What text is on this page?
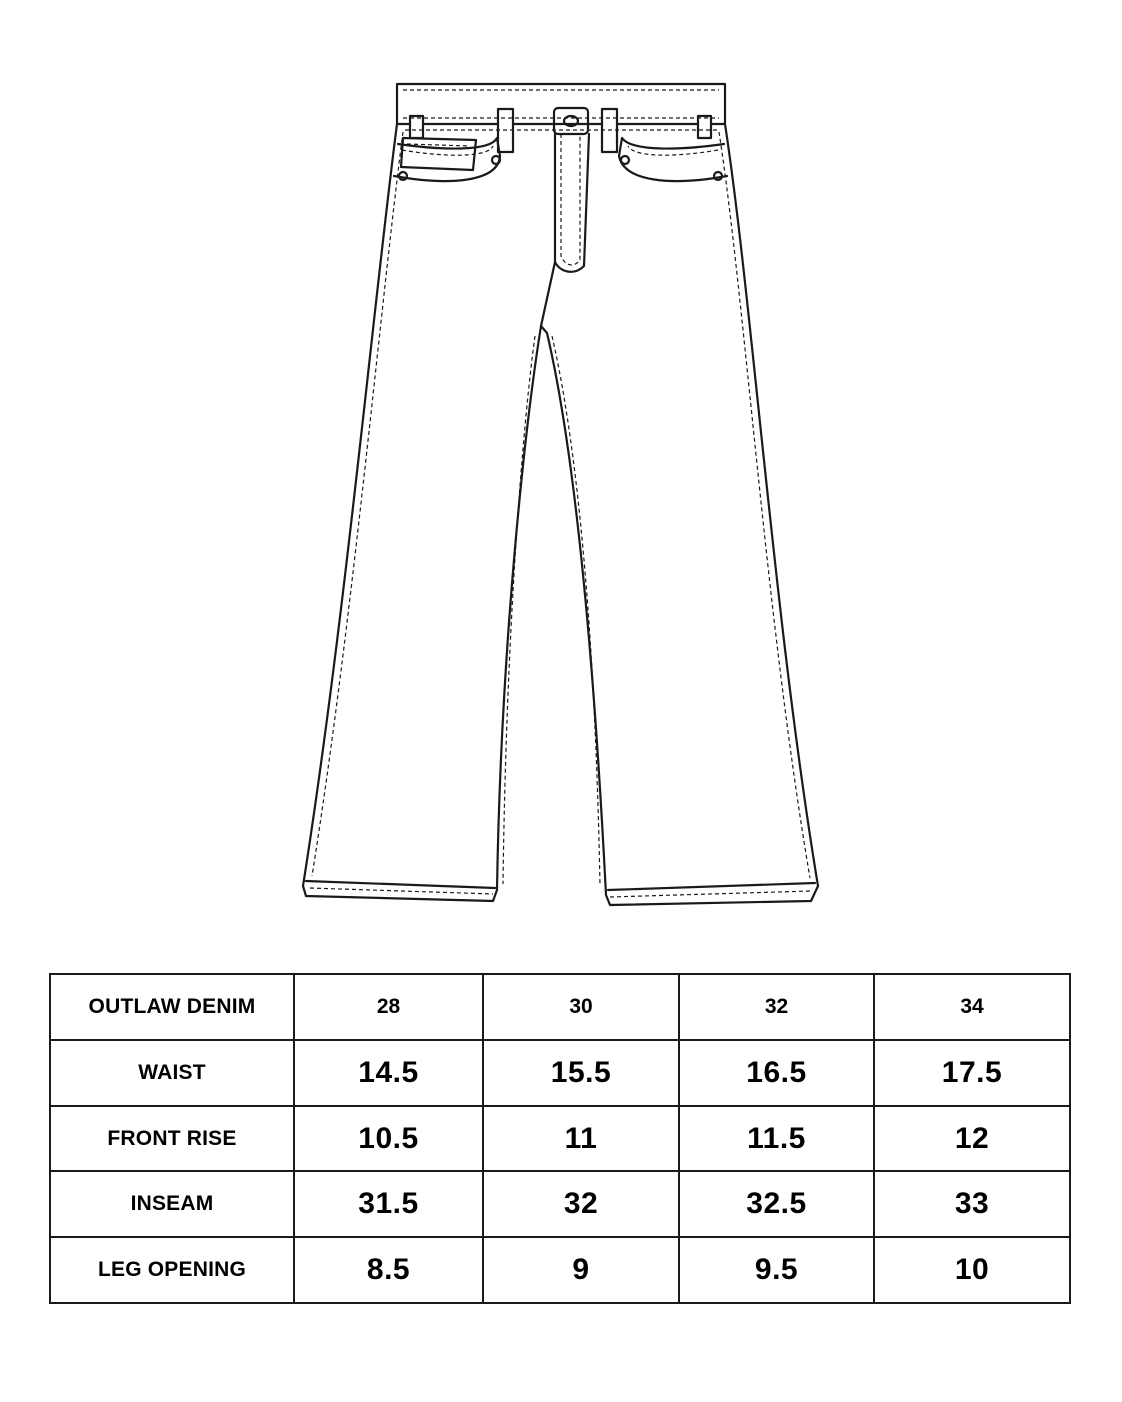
OUTLAW DENIM	28	30	32	34
WAIST	14.5	15.5	16.5	17.5
FRONT RISE	10.5	11	11.5	12
INSEAM	31.5	32	32.5	33
LEG OPENING	8.5	9	9.5	10
